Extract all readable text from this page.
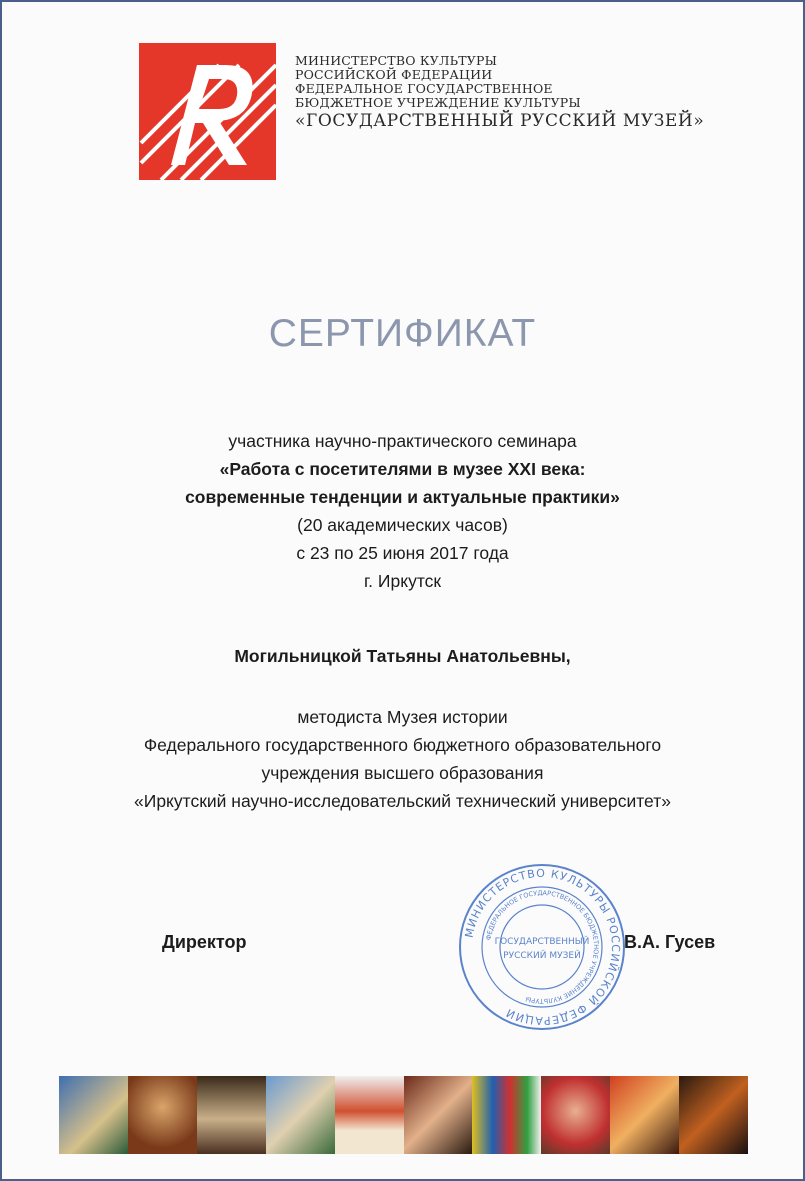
МИНИСТЕРСТВО КУЛЬТУРЫ
РОССИЙСКОЙ ФЕДЕРАЦИИ
ФЕДЕРАЛЬНОЕ ГОСУДАРСТВЕННОЕ
БЮДЖЕТНОЕ УЧРЕЖДЕНИЕ КУЛЬТУРЫ
«ГОСУДАРСТВЕННЫЙ РУССКИЙ МУЗЕЙ»
СЕРТИФИКАТ
участника научно-практического семинара
«Работа с посетителями в музее XXI века:
современные тенденции и актуальные практики»
(20 академических часов)
с 23 по 25 июня 2017 года
г. Иркутск
Могильницкой Татьяны Анатольевны,
методиста Музея истории
Федерального государственного бюджетного образовательного
учреждения высшего образования
«Иркутский научно-исследовательский технический университет»
МИНИСТЕРСТВО КУЛЬТУРЫ РОССИЙСКОЙ ФЕДЕРАЦИИ
ФЕДЕРАЛЬНОЕ ГОСУДАРСТВЕННОЕ БЮДЖЕТНОЕ УЧРЕЖДЕНИЕ КУЛЬТУРЫ
ГОСУДАРСТВЕННЫЙ
РУССКИЙ МУЗЕЙ
Директор	В.А. Гусев
